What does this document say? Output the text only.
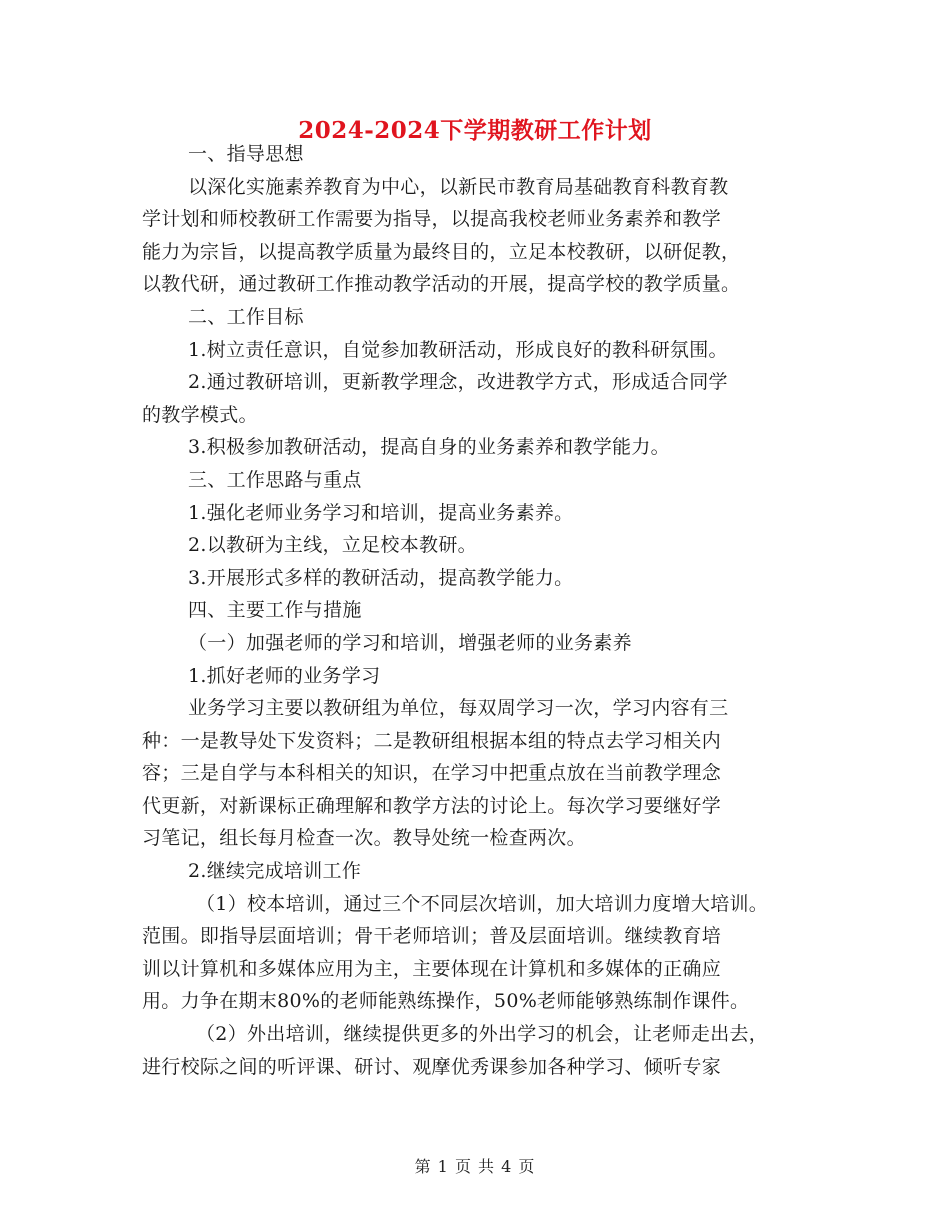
2024-2024下学期教研工作计划
一、指导思想
以深化实施素养教育为中心，以新民市教育局基础教育科教育教
学计划和师校教研工作需要为指导，以提高我校老师业务素养和教学
能力为宗旨，以提高教学质量为最终目的，立足本校教研，以研促教，
以教代研，通过教研工作推动教学活动的开展，提高学校的教学质量。
二、工作目标
1.树立责任意识，自觉参加教研活动，形成良好的教科研氛围。
2.通过教研培训，更新教学理念，改进教学方式，形成适合同学
的教学模式。
3.积极参加教研活动，提高自身的业务素养和教学能力。
三、工作思路与重点
1.强化老师业务学习和培训，提高业务素养。
2.以教研为主线，立足校本教研。
3.开展形式多样的教研活动，提高教学能力。
四、主要工作与措施
（一）加强老师的学习和培训，增强老师的业务素养
1.抓好老师的业务学习
业务学习主要以教研组为单位，每双周学习一次，学习内容有三
种：一是教导处下发资料；二是教研组根据本组的特点去学习相关内
容；三是自学与本科相关的知识，在学习中把重点放在当前教学理念
代更新，对新课标正确理解和教学方法的讨论上。每次学习要继好学
习笔记，组长每月检查一次。教导处统一检查两次。
2.继续完成培训工作
（1）校本培训，通过三个不同层次培训，加大培训力度增大培训。
范围。即指导层面培训；骨干老师培训；普及层面培训。继续教育培
训以计算机和多媒体应用为主，主要体现在计算机和多媒体的正确应
用。力争在期末80%的老师能熟练操作，50%老师能够熟练制作课件。
（2）外出培训，继续提供更多的外出学习的机会，让老师走出去，
进行校际之间的听评课、研讨、观摩优秀课参加各种学习、倾听专家
第 1 页 共 4 页
